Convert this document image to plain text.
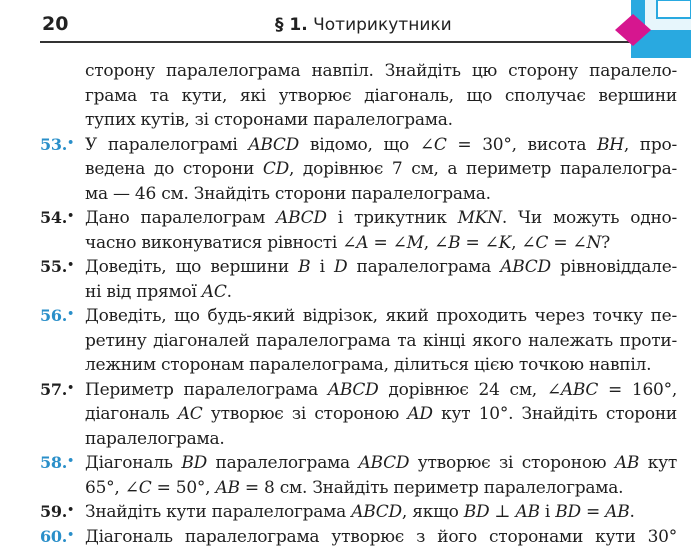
20	§ 1. Чотирикутники
сторону паралелограма навпіл. Знайдіть цю сторону паралело-
грама та кути, які утворює діагональ, що сполучає вершини
тупих кутів, зі сторонами паралелограма.
53.• У паралелограмі ABCD відомо, що ∠C = 30°, висота BH, про-
ведена до сторони CD, дорівнює 7 см, а периметр паралелогра-
ма — 46 см. Знайдіть сторони паралелограма.
54.• Дано паралелограм ABCD і трикутник MKN. Чи можуть одно-
часно виконуватися рівності ∠A = ∠M, ∠B = ∠K, ∠C = ∠N?
55.• Доведіть, що вершини B і D паралелограма ABCD рівновіддалe-
ні від прямої AC.
56.• Доведіть, що будь-який відрізок, який проходить через точку пе-
ретину діагоналей паралелограма та кінці якого належать проти-
лежним сторонам паралелограма, ділиться цією точкою навпіл.
57.• Периметр паралелограма ABCD дорівнює 24 см, ∠ABC = 160°,
діагональ AC утворює зі стороною AD кут 10°. Знайдіть сторони
паралелограма.
58.• Діагональ BD паралелограма ABCD утворює зі стороною AB кут
65°, ∠C = 50°, AB = 8 см. Знайдіть периметр паралелограма.
59.• Знайдіть кути паралелограма ABCD, якщо BD ⊥ AB і BD = AB.
60.• Діагональ паралелограма утворює з його сторонами кути 30°
